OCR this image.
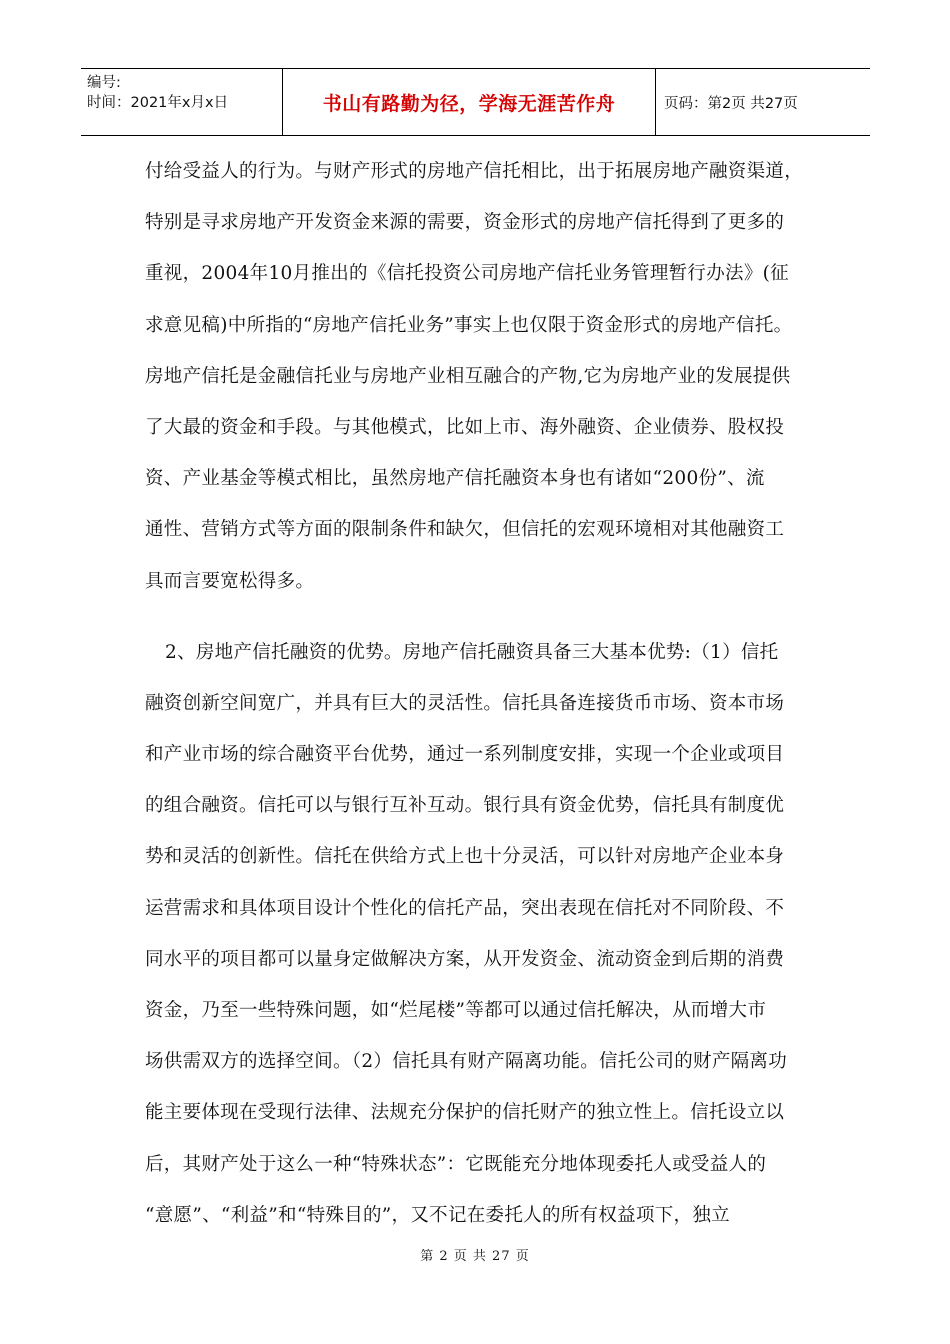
编号:
时间：2021年x月x日	书山有路勤为径，学海无涯苦作舟	页码：第2页 共27页
付给受益人的行为。与财产形式的房地产信托相比，出于拓展房地产融资渠道，
特别是寻求房地产开发资金来源的需要，资金形式的房地产信托得到了更多的
重视，2004年10月推出的《信托投资公司房地产信托业务管理暂行办法》(征
求意见稿)中所指的“房地产信托业务”事实上也仅限于资金形式的房地产信托。
房地产信托是金融信托业与房地产业相互融合的产物,它为房地产业的发展提供
了大最的资金和手段。与其他模式，比如上市、海外融资、企业债券、股权投
资、产业基金等模式相比，虽然房地产信托融资本身也有诸如“200份”、流
通性、营销方式等方面的限制条件和缺欠，但信托的宏观环境相对其他融资工
具而言要宽松得多。
2、房地产信托融资的优势。房地产信托融资具备三大基本优势:（1）信托
融资创新空间宽广，并具有巨大的灵活性。信托具备连接货币市场、资本市场
和产业市场的综合融资平台优势，通过一系列制度安排，实现一个企业或项目
的组合融资。信托可以与银行互补互动。银行具有资金优势，信托具有制度优
势和灵活的创新性。信托在供给方式上也十分灵活，可以针对房地产企业本身
运营需求和具体项目设计个性化的信托产品，突出表现在信托对不同阶段、不
同水平的项目都可以量身定做解决方案，从开发资金、流动资金到后期的消费
资金，乃至一些特殊问题，如“烂尾楼”等都可以通过信托解决，从而增大市
场供需双方的选择空间。（2）信托具有财产隔离功能。信托公司的财产隔离功
能主要体现在受现行法律、法规充分保护的信托财产的独立性上。信托设立以
后，其财产处于这么一种“特殊状态”：它既能充分地体现委托人或受益人的
“意愿”、“利益”和“特殊目的”，又不记在委托人的所有权益项下，独立
第 2 页 共 27 页
